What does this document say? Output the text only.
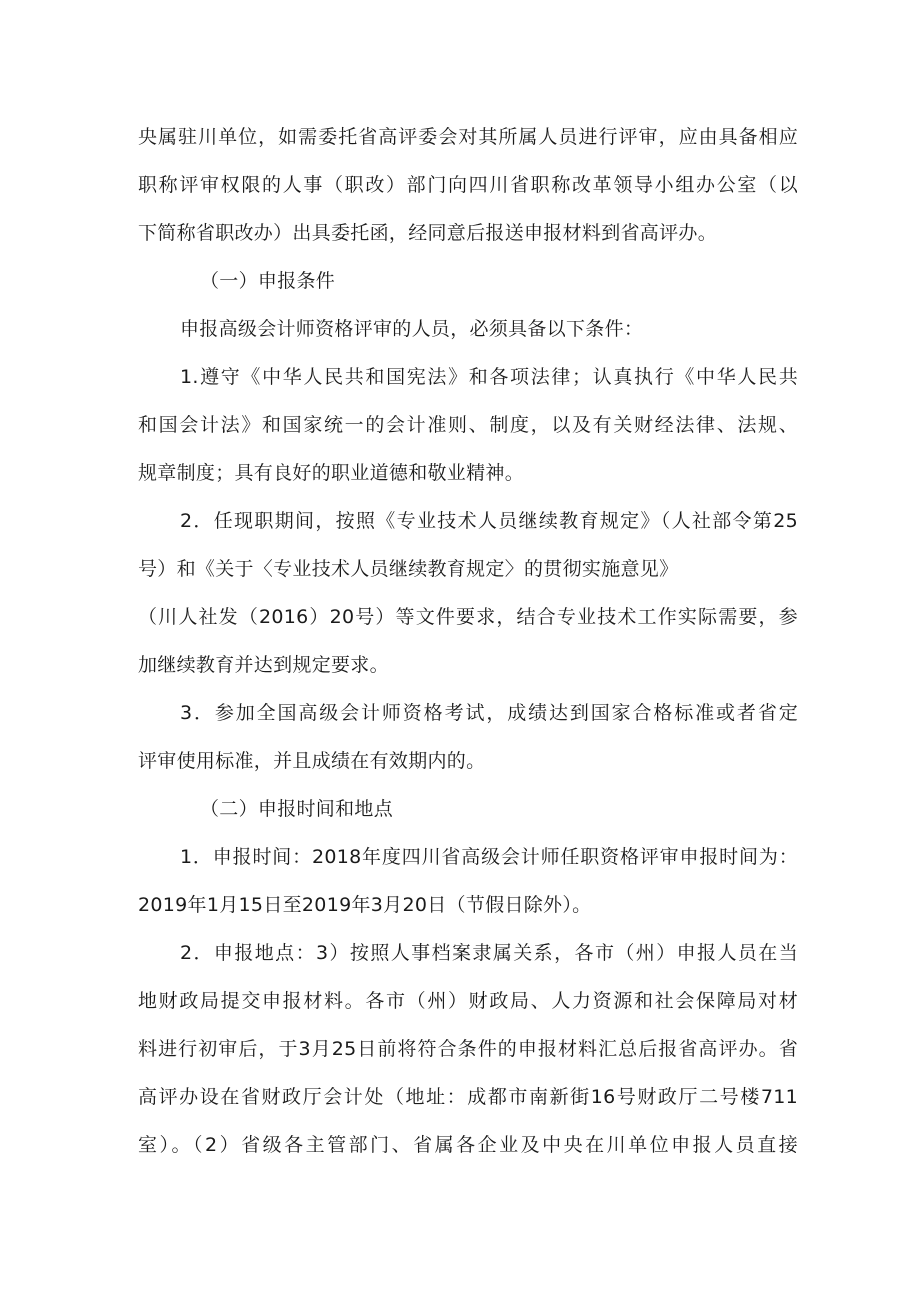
央属驻川单位，如需委托省高评委会对其所属人员进行评审，应由具备相应
职称评审权限的人事（职改）部门向四川省职称改革领导小组办公室（以
下简称省职改办）出具委托函，经同意后报送申报材料到省高评办。
（一）申报条件
申报高级会计师资格评审的人员，必须具备以下条件：
1.遵守《中华人民共和国宪法》和各项法律；认真执行《中华人民共
和国会计法》和国家统一的会计准则、制度，以及有关财经法律、法规、
规章制度；具有良好的职业道德和敬业精神。
2．任现职期间，按照《专业技术人员继续教育规定》（人社部令第25
号）和《关于〈专业技术人员继续教育规定〉的贯彻实施意见》
（川人社发（2016）20号）等文件要求，结合专业技术工作实际需要，参
加继续教育并达到规定要求。
3．参加全国高级会计师资格考试，成绩达到国家合格标准或者省定
评审使用标准，并且成绩在有效期内的。
（二）申报时间和地点
1．申报时间：2018年度四川省高级会计师任职资格评审申报时间为：
2019年1月15日至2019年3月20日（节假日除外）。
2．申报地点：3）按照人事档案隶属关系，各市（州）申报人员在当
地财政局提交申报材料。各市（州）财政局、人力资源和社会保障局对材
料进行初审后，于3月25日前将符合条件的申报材料汇总后报省高评办。省
高评办设在省财政厅会计处（地址：成都市南新街16号财政厅二号楼711
室）。（2）省级各主管部门、省属各企业及中央在川单位申报人员直接
